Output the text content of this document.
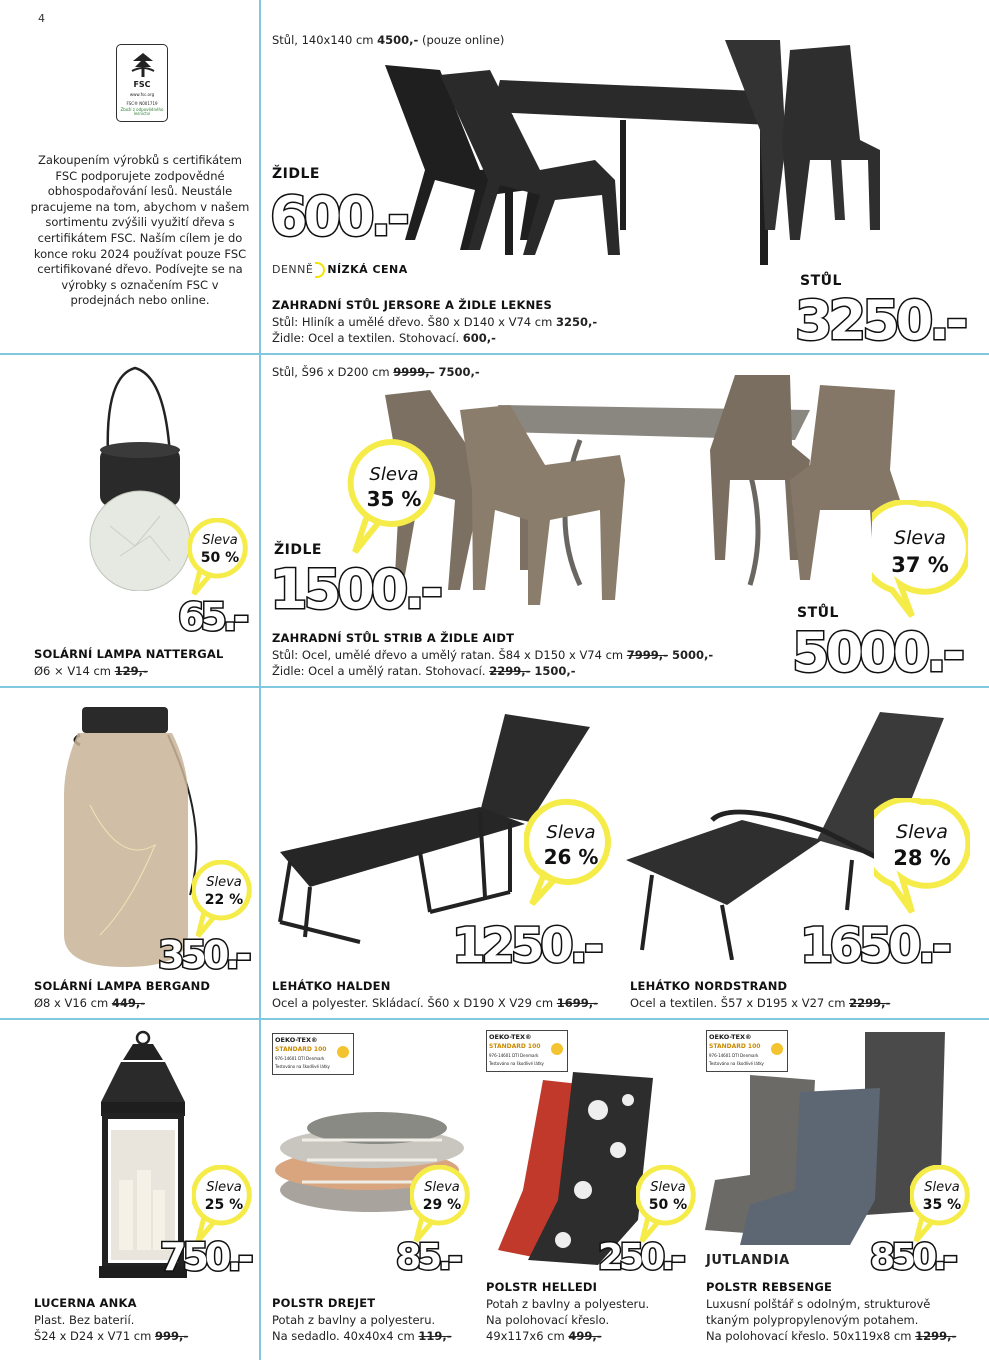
4
FSC
www.fsc.org
FSC® N001719
Zboží z odpovědného lesnictví
Zakoupením výrobků s certifikátem FSC podporujete zodpovědné obhospodařování lesů. Neustále pracujeme na tom, abychom v našem sortimentu zvýšili využití dřeva s certifikátem FSC. Naším cílem je do konce roku 2024 používat pouze FSC certifikované dřevo. Podívejte se na výrobky s označením FSC v prodejnách nebo online.
Stůl, 140x140 cm 4500,- (pouze online)
ŽIDLE
600.-
DENNĚ NÍZKÁ CENA
STŮL
3250.-
ZAHRADNÍ STŮL JERSORE A ŽIDLE LEKNES
Stůl: Hliník a umělé dřevo. Š80 x D140 x V74 cm 3250,-
Židle: Ocel a textilen. Stohovací. 600,-
Sleva
50 %
65.-
SOLÁRNÍ LAMPA NATTERGAL
Ø6 × V14 cm 129,-
Stůl, Š96 x D200 cm 9999,- 7500,-
Sleva
35 %
Sleva
37 %
ŽIDLE
1500.-	STŮL
5000.-
ZAHRADNÍ STŮL STRIB A ŽIDLE AIDT
Stůl: Ocel, umělé dřevo a umělý ratan. Š84 x D150 x V74 cm 7999,- 5000,-
Židle: Ocel a umělý ratan. Stohovací. 2299,- 1500,-
Sleva
22 %
350.-
SOLÁRNÍ LAMPA BERGAND
Ø8 x V16 cm 449,-
Sleva
26 %
1250.-
LEHÁTKO HALDEN
Ocel a polyester. Skládací. Š60 x D190 X V29 cm 1699,-
Sleva
28 %
1650.-
LEHÁTKO NORDSTRAND
Ocel a textilen. Š57 x D195 x V27 cm 2299,-
Sleva
25 %
750.-
LUCERNA ANKA
Plast. Bez baterií.
Š24 x D24 x V71 cm 999,-
OEKO-TEX®
STANDARD 100
976-14601 DTI Denmark
Testováno na škodlivé látky
OEKO-TEX®
STANDARD 100
976-14601 DTI Denmark
Testováno na škodlivé látky
OEKO-TEX®
STANDARD 100
976-14601 DTI Denmark
Testováno na škodlivé látky
Sleva
29 %
85.-
POLSTR DREJET
Potah z bavlny a polyesteru.
Na sedadlo. 40x40x4 cm 119,-
Sleva
50 %
250.-
POLSTR HELLEDI
Potah z bavlny a polyesteru.
Na polohovací křeslo.
49x117x6 cm 499,-
Sleva
35 %
JUTLANDIA 850.-
POLSTR REBSENGE
Luxusní polštář s odolným, strukturově
tkaným polypropylenovým potahem.
Na polohovací křeslo. 50x119x8 cm 1299,-
